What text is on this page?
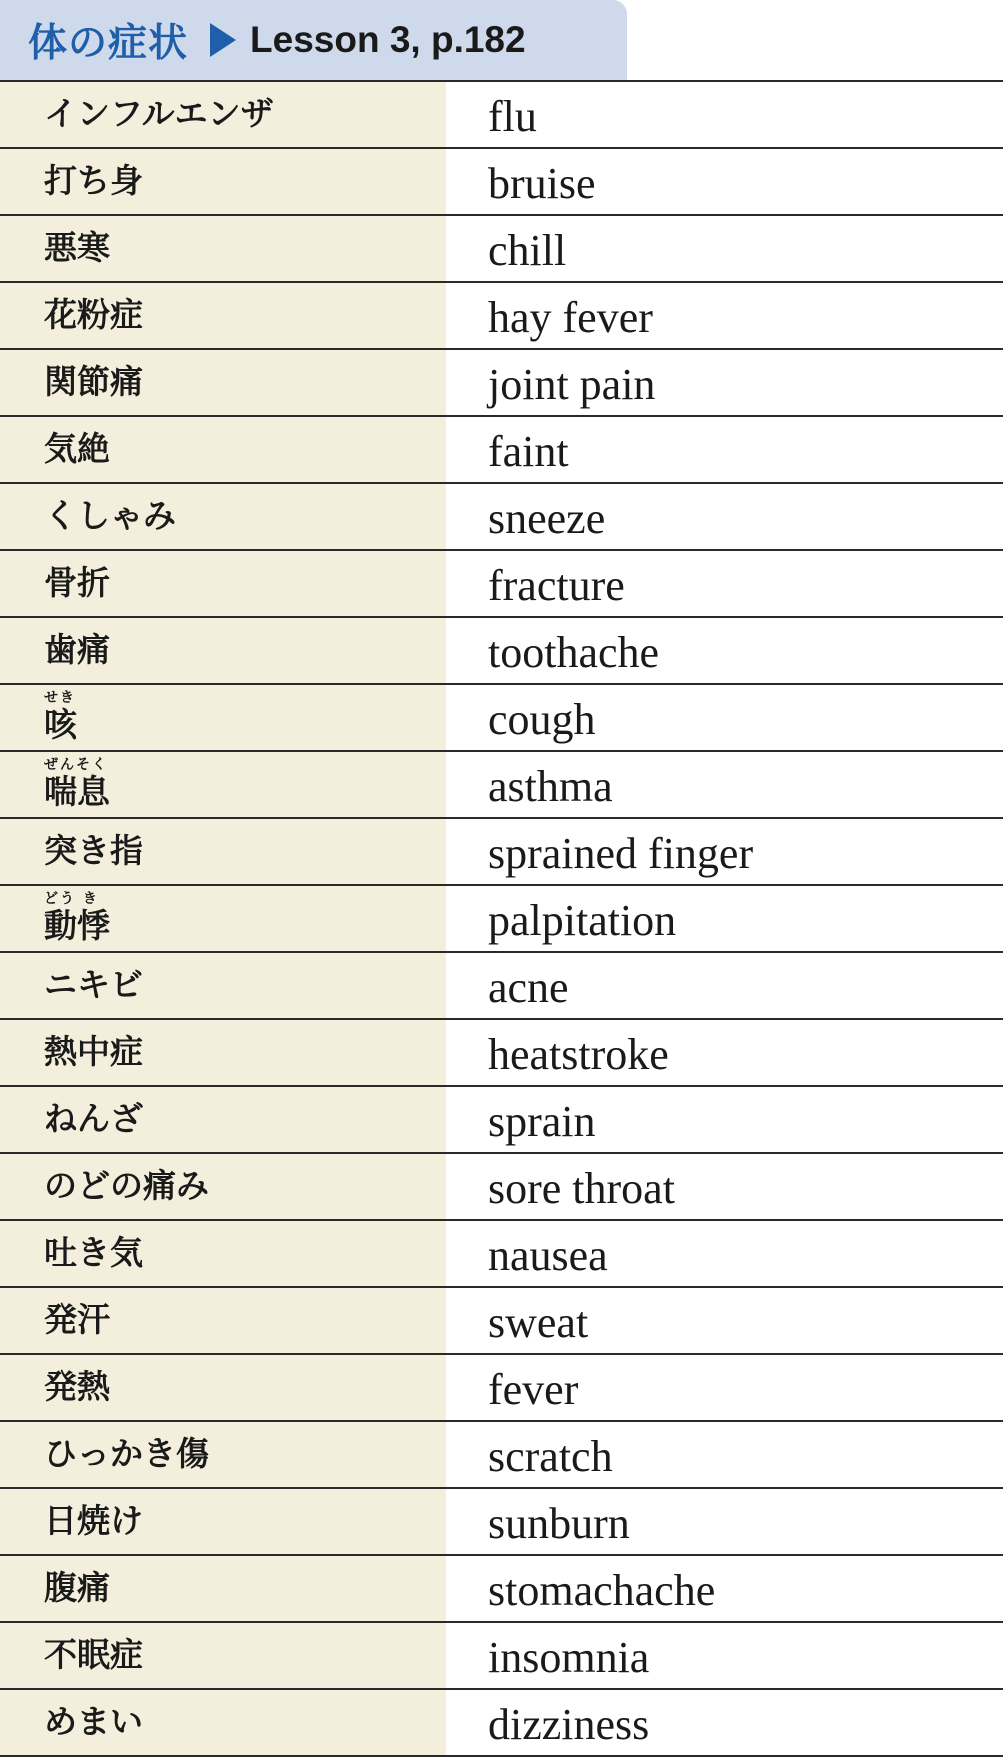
体の症状 Lesson 3, p.182
インフルエンザ	flu
打ち身	bruise
悪寒	chill
花粉症	hay fever
関節痛	joint pain
気絶	faint
くしゃみ	sneeze
骨折	fracture
歯痛	toothache
せき
咳	cough
ぜんそく
喘息	asthma
突き指	sprained finger
どう き
動悸	palpitation
ニキビ	acne
熱中症	heatstroke
ねんざ	sprain
のどの痛み	sore throat
吐き気	nausea
発汗	sweat
発熱	fever
ひっかき傷	scratch
日焼け	sunburn
腹痛	stomachache
不眠症	insomnia
めまい	dizziness
